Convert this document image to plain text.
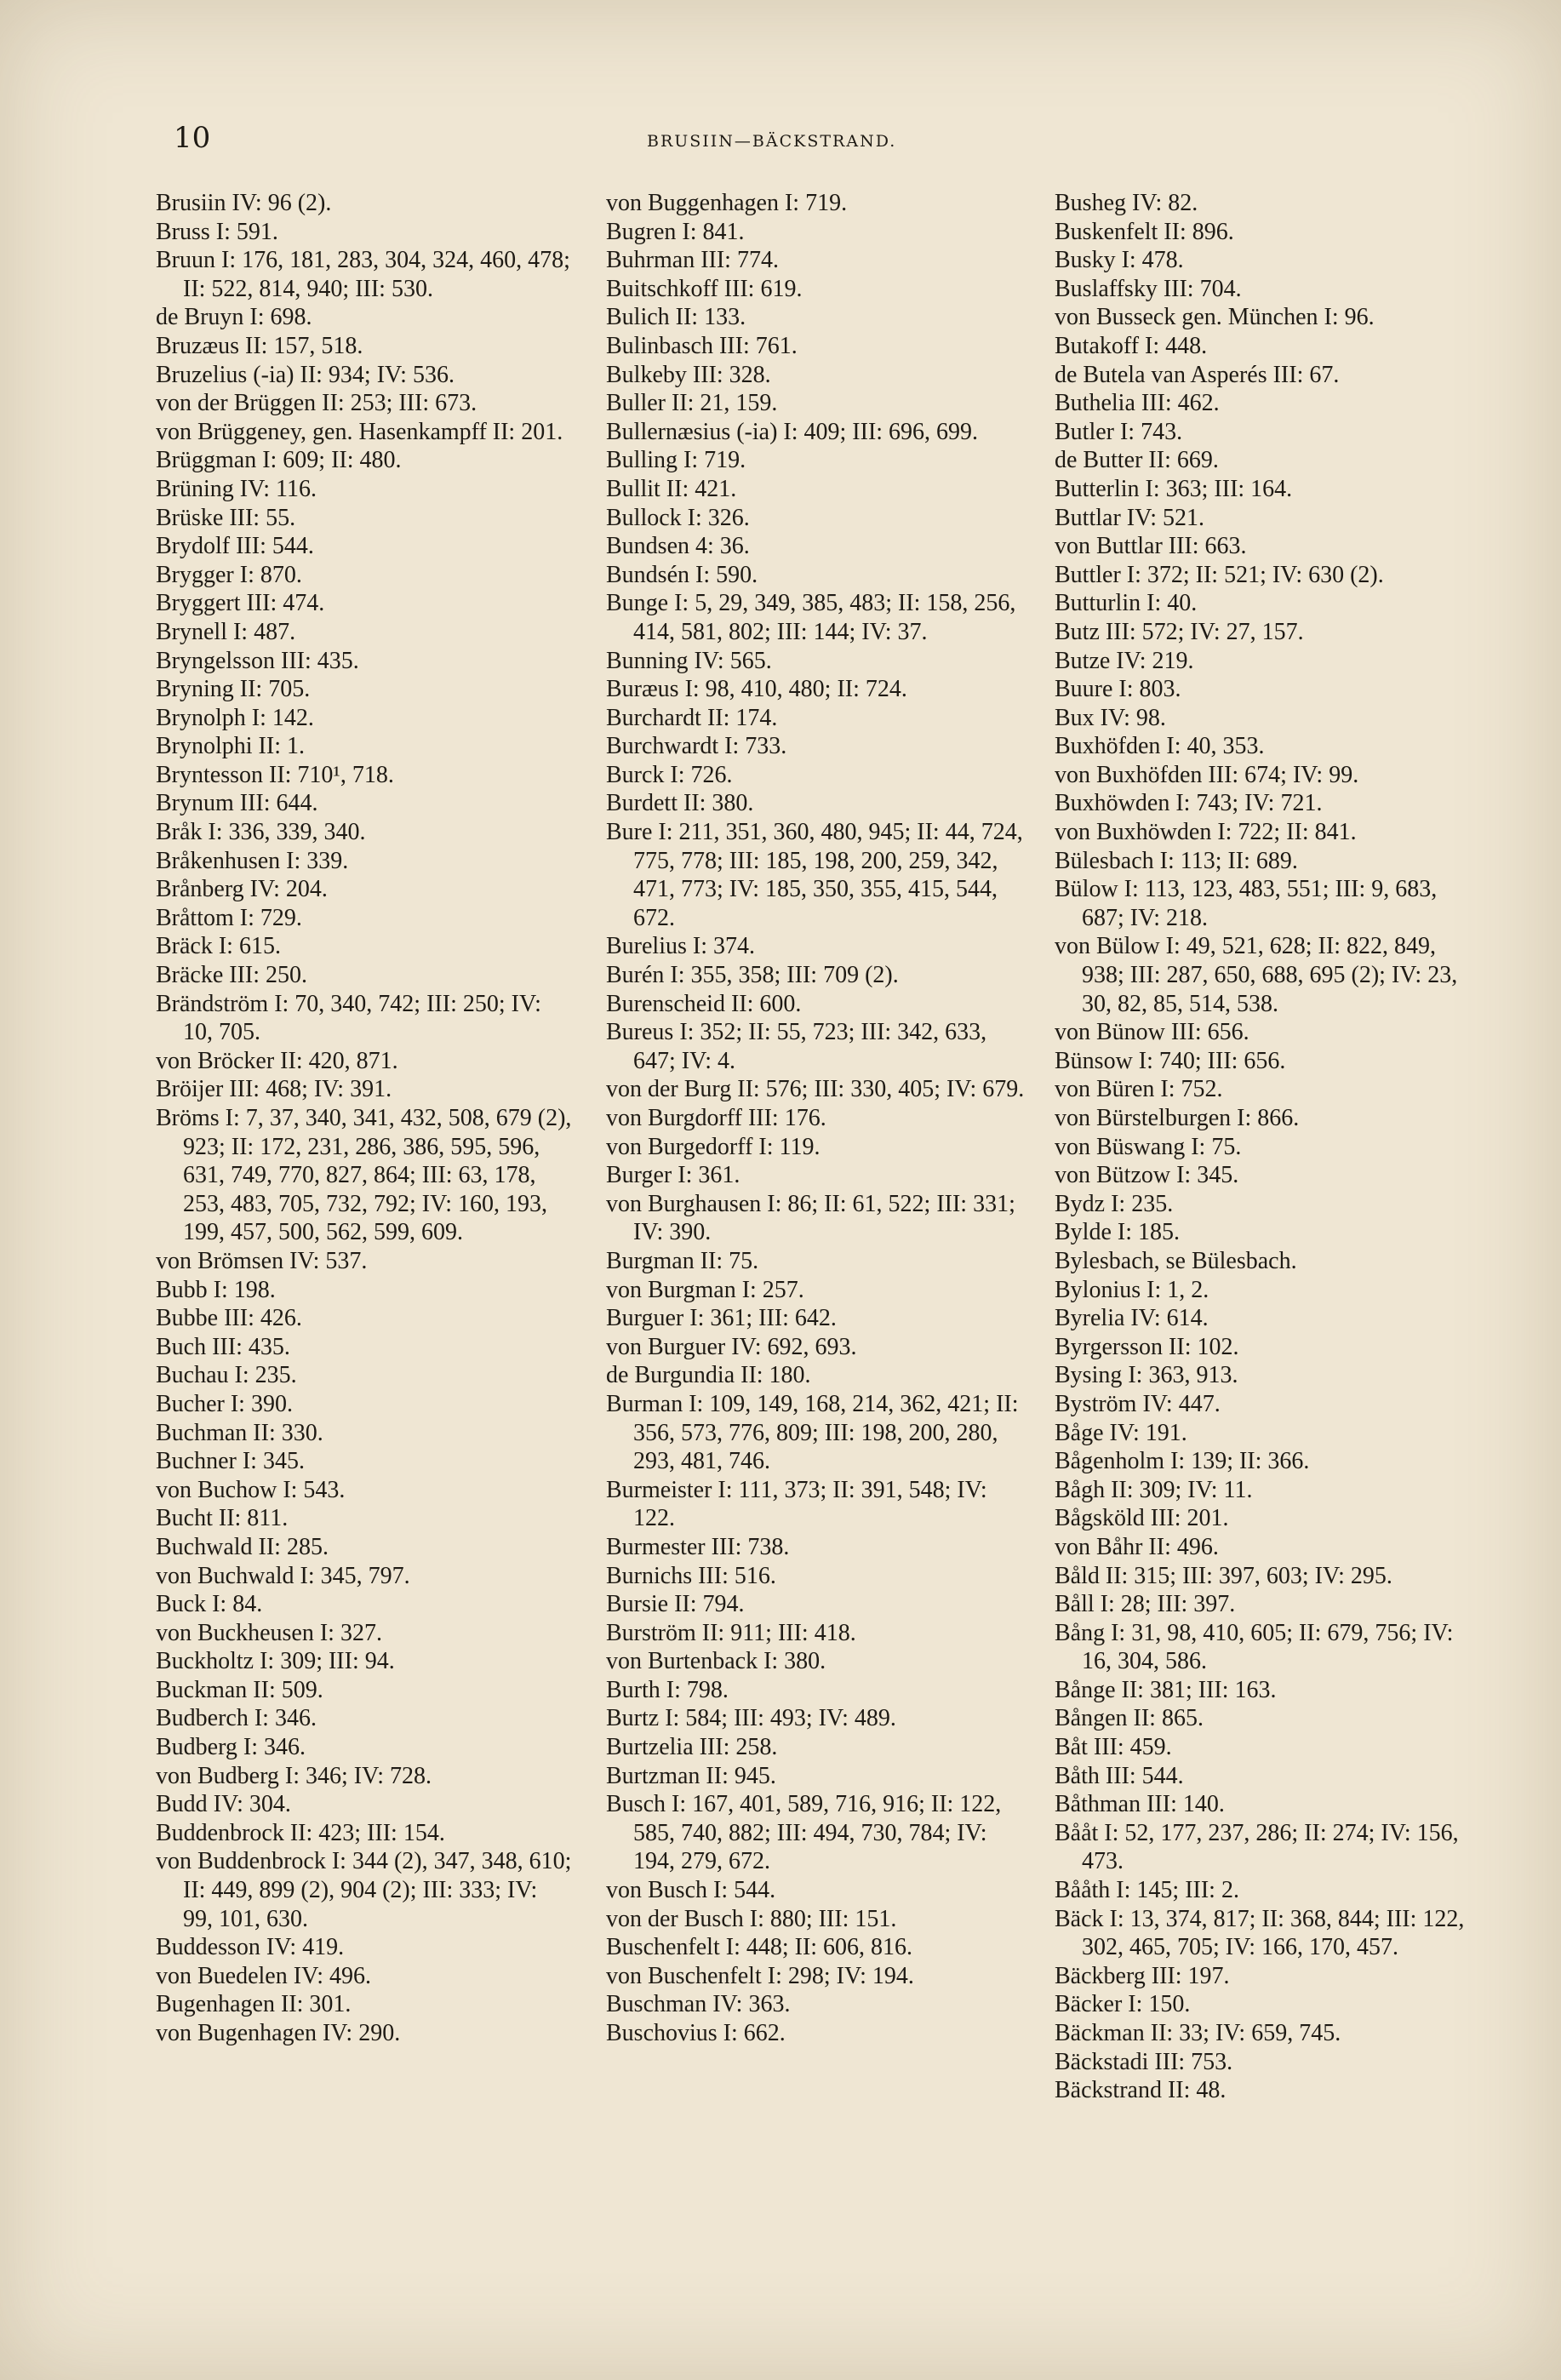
10	BRUSIIN—BÄCKSTRAND.
Brusiin IV: 96 (2).
Bruss I: 591.
Bruun I: 176, 181, 283, 304, 324, 460, 478; II: 522, 814, 940; III: 530.
de Bruyn I: 698.
Bruzæus II: 157, 518.
Bruzelius (-ia) II: 934; IV: 536.
von der Brüggen II: 253; III: 673.
von Brüggeney, gen. Hasenkampff II: 201.
Brüggman I: 609; II: 480.
Brüning IV: 116.
Brüske III: 55.
Brydolf III: 544.
Brygger I: 870.
Bryggert III: 474.
Brynell I: 487.
Bryngelsson III: 435.
Bryning II: 705.
Brynolph I: 142.
Brynolphi II: 1.
Bryntesson II: 710¹, 718.
Brynum III: 644.
Bråk I: 336, 339, 340.
Bråkenhusen I: 339.
Brånberg IV: 204.
Bråttom I: 729.
Bräck I: 615.
Bräcke III: 250.
Brändström I: 70, 340, 742; III: 250; IV: 10, 705.
von Bröcker II: 420, 871.
Bröijer III: 468; IV: 391.
Bröms I: 7, 37, 340, 341, 432, 508, 679 (2), 923; II: 172, 231, 286, 386, 595, 596, 631, 749, 770, 827, 864; III: 63, 178, 253, 483, 705, 732, 792; IV: 160, 193, 199, 457, 500, 562, 599, 609.
von Brömsen IV: 537.
Bubb I: 198.
Bubbe III: 426.
Buch III: 435.
Buchau I: 235.
Bucher I: 390.
Buchman II: 330.
Buchner I: 345.
von Buchow I: 543.
Bucht II: 811.
Buchwald II: 285.
von Buchwald I: 345, 797.
Buck I: 84.
von Buckheusen I: 327.
Buckholtz I: 309; III: 94.
Buckman II: 509.
Budberch I: 346.
Budberg I: 346.
von Budberg I: 346; IV: 728.
Budd IV: 304.
Buddenbrock II: 423; III: 154.
von Buddenbrock I: 344 (2), 347, 348, 610; II: 449, 899 (2), 904 (2); III: 333; IV: 99, 101, 630.
Buddesson IV: 419.
von Buedelen IV: 496.
Bugenhagen II: 301.
von Bugenhagen IV: 290.
von Buggenhagen I: 719.
Bugren I: 841.
Buhrman III: 774.
Buitschkoff III: 619.
Bulich II: 133.
Bulinbasch III: 761.
Bulkeby III: 328.
Buller II: 21, 159.
Bullernæsius (-ia) I: 409; III: 696, 699.
Bulling I: 719.
Bullit II: 421.
Bullock I: 326.
Bundsen 4: 36.
Bundsén I: 590.
Bunge I: 5, 29, 349, 385, 483; II: 158, 256, 414, 581, 802; III: 144; IV: 37.
Bunning IV: 565.
Buræus I: 98, 410, 480; II: 724.
Burchardt II: 174.
Burchwardt I: 733.
Burck I: 726.
Burdett II: 380.
Bure I: 211, 351, 360, 480, 945; II: 44, 724, 775, 778; III: 185, 198, 200, 259, 342, 471, 773; IV: 185, 350, 355, 415, 544, 672.
Burelius I: 374.
Burén I: 355, 358; III: 709 (2).
Burenscheid II: 600.
Bureus I: 352; II: 55, 723; III: 342, 633, 647; IV: 4.
von der Burg II: 576; III: 330, 405; IV: 679.
von Burgdorff III: 176.
von Burgedorff I: 119.
Burger I: 361.
von Burghausen I: 86; II: 61, 522; III: 331; IV: 390.
Burgman II: 75.
von Burgman I: 257.
Burguer I: 361; III: 642.
von Burguer IV: 692, 693.
de Burgundia II: 180.
Burman I: 109, 149, 168, 214, 362, 421; II: 356, 573, 776, 809; III: 198, 200, 280, 293, 481, 746.
Burmeister I: 111, 373; II: 391, 548; IV: 122.
Burmester III: 738.
Burnichs III: 516.
Bursie II: 794.
Burström II: 911; III: 418.
von Burtenback I: 380.
Burth I: 798.
Burtz I: 584; III: 493; IV: 489.
Burtzelia III: 258.
Burtzman II: 945.
Busch I: 167, 401, 589, 716, 916; II: 122, 585, 740, 882; III: 494, 730, 784; IV: 194, 279, 672.
von Busch I: 544.
von der Busch I: 880; III: 151.
Buschenfelt I: 448; II: 606, 816.
von Buschenfelt I: 298; IV: 194.
Buschman IV: 363.
Buschovius I: 662.
Busheg IV: 82.
Buskenfelt II: 896.
Busky I: 478.
Buslaffsky III: 704.
von Busseck gen. München I: 96.
Butakoff I: 448.
de Butela van Asperés III: 67.
Buthelia III: 462.
Butler I: 743.
de Butter II: 669.
Butterlin I: 363; III: 164.
Buttlar IV: 521.
von Buttlar III: 663.
Buttler I: 372; II: 521; IV: 630 (2).
Butturlin I: 40.
Butz III: 572; IV: 27, 157.
Butze IV: 219.
Buure I: 803.
Bux IV: 98.
Buxhöfden I: 40, 353.
von Buxhöfden III: 674; IV: 99.
Buxhöwden I: 743; IV: 721.
von Buxhöwden I: 722; II: 841.
Bülesbach I: 113; II: 689.
Bülow I: 113, 123, 483, 551; III: 9, 683, 687; IV: 218.
von Bülow I: 49, 521, 628; II: 822, 849, 938; III: 287, 650, 688, 695 (2); IV: 23, 30, 82, 85, 514, 538.
von Bünow III: 656.
Bünsow I: 740; III: 656.
von Büren I: 752.
von Bürstelburgen I: 866.
von Büswang I: 75.
von Bützow I: 345.
Bydz I: 235.
Bylde I: 185.
Bylesbach, se Bülesbach.
Bylonius I: 1, 2.
Byrelia IV: 614.
Byrgersson II: 102.
Bysing I: 363, 913.
Byström IV: 447.
Båge IV: 191.
Bågenholm I: 139; II: 366.
Bågh II: 309; IV: 11.
Bågsköld III: 201.
von Båhr II: 496.
Båld II: 315; III: 397, 603; IV: 295.
Båll I: 28; III: 397.
Bång I: 31, 98, 410, 605; II: 679, 756; IV: 16, 304, 586.
Bånge II: 381; III: 163.
Bången II: 865.
Båt III: 459.
Båth III: 544.
Båthman III: 140.
Bååt I: 52, 177, 237, 286; II: 274; IV: 156, 473.
Bååth I: 145; III: 2.
Bäck I: 13, 374, 817; II: 368, 844; III: 122, 302, 465, 705; IV: 166, 170, 457.
Bäckberg III: 197.
Bäcker I: 150.
Bäckman II: 33; IV: 659, 745.
Bäckstadi III: 753.
Bäckstrand II: 48.
